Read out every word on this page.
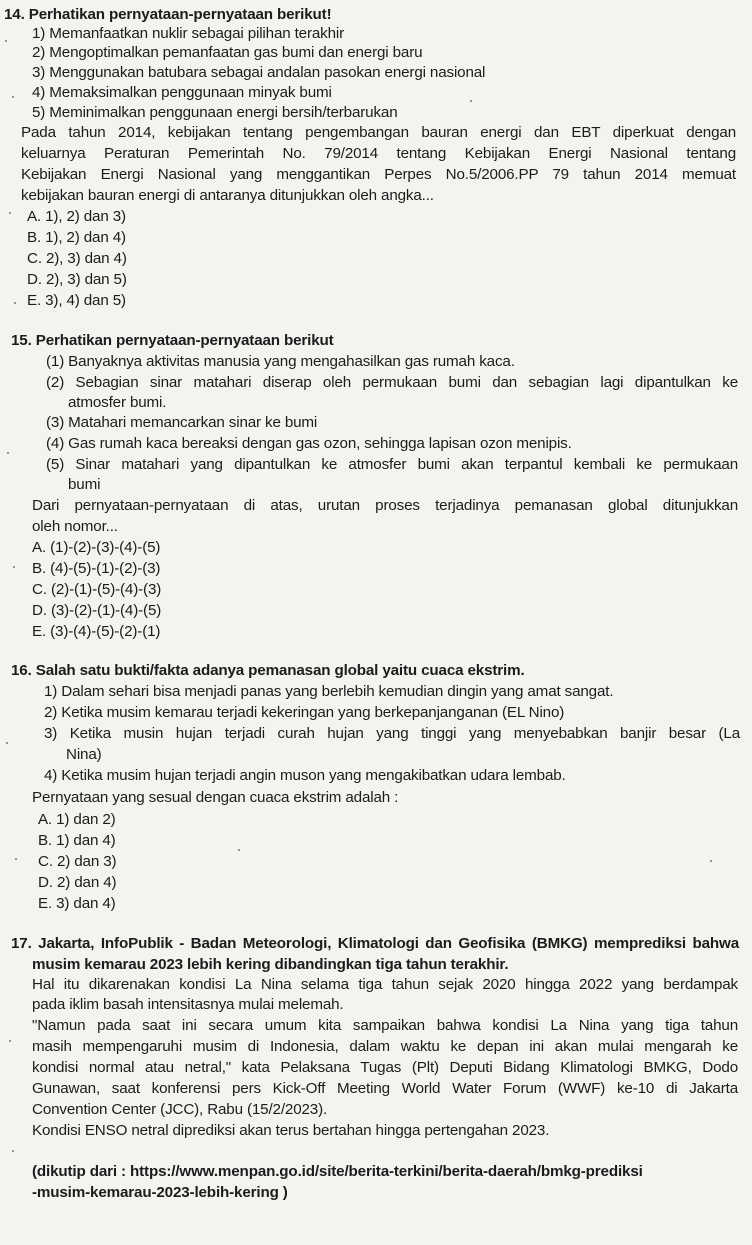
14. Perhatikan pernyataan-pernyataan berikut!
1) Memanfaatkan nuklir sebagai pilihan terakhir
2) Mengoptimalkan pemanfaatan gas bumi dan energi baru
3) Menggunakan batubara sebagai andalan pasokan energi nasional
4) Memaksimalkan penggunaan minyak bumi
5) Meminimalkan penggunaan energi bersih/terbarukan
Pada tahun 2014, kebijakan tentang pengembangan bauran energi dan EBT diperkuat dengan
keluarnya Peraturan Pemerintah No. 79/2014 tentang Kebijakan Energi Nasional tentang
Kebijakan Energi Nasional yang menggantikan Perpes No.5/2006.PP 79 tahun 2014 memuat
kebijakan bauran energi di antaranya ditunjukkan oleh angka...
A. 1), 2) dan 3)
B. 1), 2) dan 4)
C. 2), 3) dan 4)
D. 2), 3) dan 5)
E. 3), 4) dan 5)
15. Perhatikan pernyataan-pernyataan berikut
(1) Banyaknya aktivitas manusia yang mengahasilkan gas rumah kaca.
(2) Sebagian sinar matahari diserap oleh permukaan bumi dan sebagian lagi dipantulkan ke
atmosfer bumi.
(3) Matahari memancarkan sinar ke bumi
(4) Gas rumah kaca bereaksi dengan gas ozon, sehingga lapisan ozon menipis.
(5) Sinar matahari yang dipantulkan ke atmosfer bumi akan terpantul kembali ke permukaan
bumi
Dari pernyataan-pernyataan di atas, urutan proses terjadinya pemanasan global ditunjukkan
oleh nomor...
A. (1)-(2)-(3)-(4)-(5)
B. (4)-(5)-(1)-(2)-(3)
C. (2)-(1)-(5)-(4)-(3)
D. (3)-(2)-(1)-(4)-(5)
E. (3)-(4)-(5)-(2)-(1)
16. Salah satu bukti/fakta adanya pemanasan global yaitu cuaca ekstrim.
1) Dalam sehari bisa menjadi panas yang berlebih kemudian dingin yang amat sangat.
2) Ketika musim kemarau terjadi kekeringan yang berkepanjanganan (EL Nino)
3) Ketika musin hujan terjadi curah hujan yang tinggi yang menyebabkan banjir besar (La
Nina)
4) Ketika musim hujan terjadi angin muson yang mengakibatkan udara lembab.
Pernyataan yang sesual dengan cuaca ekstrim adalah :
A. 1) dan 2)
B. 1) dan 4)
C. 2) dan 3)
D. 2) dan 4)
E. 3) dan 4)
17. Jakarta, InfoPublik - Badan Meteorologi, Klimatologi dan Geofisika (BMKG) memprediksi bahwa
musim kemarau 2023 lebih kering dibandingkan tiga tahun terakhir.
Hal itu dikarenakan kondisi La Nina selama tiga tahun sejak 2020 hingga 2022 yang berdampak
pada iklim basah intensitasnya mulai melemah.
"Namun pada saat ini secara umum kita sampaikan bahwa kondisi La Nina yang tiga tahun
masih mempengaruhi musim di Indonesia, dalam waktu ke depan ini akan mulai mengarah ke
kondisi normal atau netral," kata Pelaksana Tugas (Plt) Deputi Bidang Klimatologi BMKG, Dodo
Gunawan, saat konferensi pers Kick-Off Meeting World Water Forum (WWF) ke-10 di Jakarta
Convention Center (JCC), Rabu (15/2/2023).
Kondisi ENSO netral diprediksi akan terus bertahan hingga pertengahan 2023.
(dikutip dari : https://www.menpan.go.id/site/berita-terkini/berita-daerah/bmkg-prediksi
-musim-kemarau-2023-lebih-kering )
